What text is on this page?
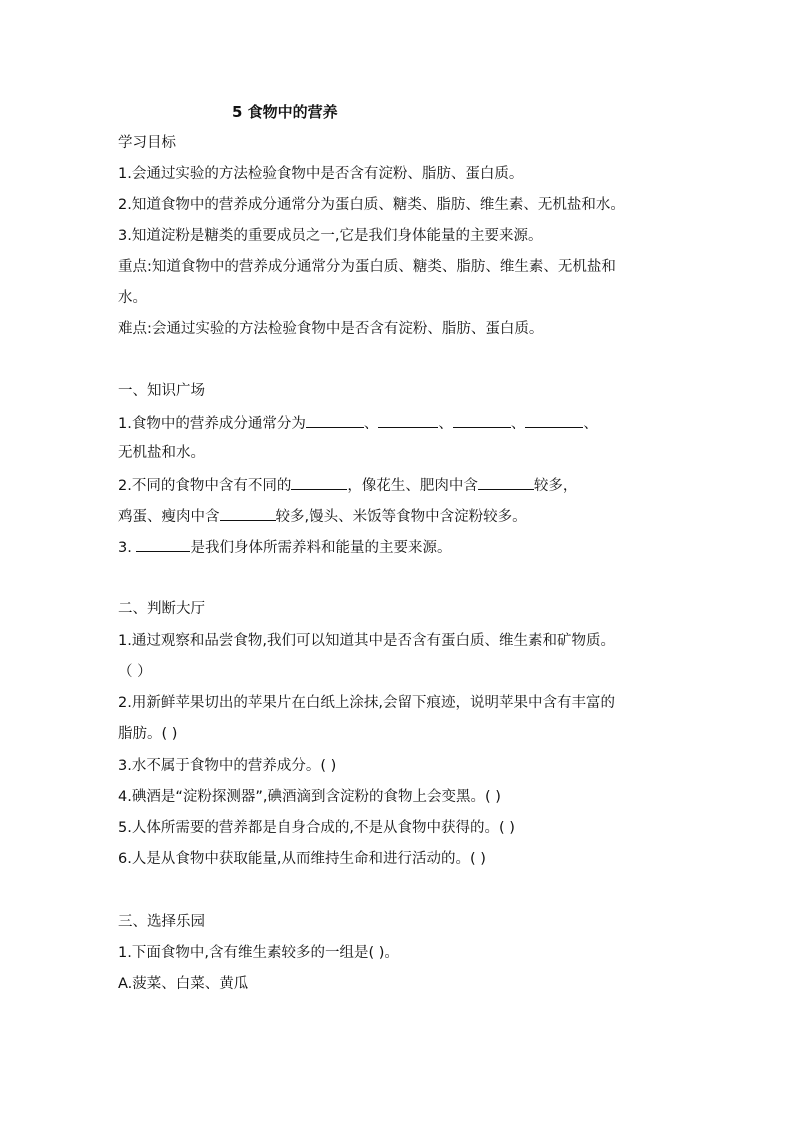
5 食物中的营养
学习目标
1.会通过实验的方法检验食物中是否含有淀粉、脂肪、蛋白质。
2.知道食物中的营养成分通常分为蛋白质、糖类、脂肪、维生素、无机盐和水。
3.知道淀粉是糖类的重要成员之一,它是我们身体能量的主要来源。
重点:知道食物中的营养成分通常分为蛋白质、糖类、脂肪、维生素、无机盐和
水。
难点:会通过实验的方法检验食物中是否含有淀粉、脂肪、蛋白质。
一、知识广场
1.食物中的营养成分通常分为	、	、	、	、
无机盐和水。
2.不同的食物中含有不同的	，像花生、肥肉中含	较多，
鸡蛋、瘦肉中含	较多,馒头、米饭等食物中含淀粉较多。
3.	是我们身体所需养料和能量的主要来源。
二、判断大厅
1.通过观察和品尝食物,我们可以知道其中是否含有蛋白质、维生素和矿物质。
（ ）
2.用新鲜苹果切出的苹果片在白纸上涂抹,会留下痕迹，说明苹果中含有丰富的
脂肪。( )
3.水不属于食物中的营养成分。( )
4.碘酒是“淀粉探测器”,碘酒滴到含淀粉的食物上会变黑。( )
5.人体所需要的营养都是自身合成的,不是从食物中获得的。( )
6.人是从食物中获取能量,从而维持生命和进行活动的。( )
三、选择乐园
1.下面食物中,含有维生素较多的一组是( )。
A.菠菜、白菜、黄瓜
